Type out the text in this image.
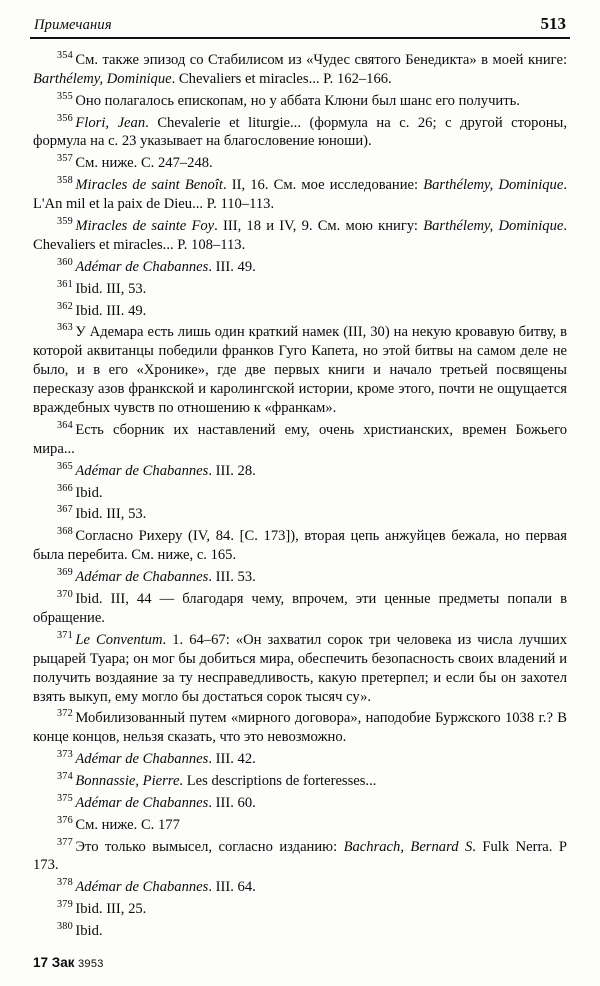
Примечания	513

$^{354}$ См. также эпизод со Стабилисом из «Чудес святого Бенедикта» в моей книге: Barthélemy, Dominique. Chevaliers et miracles... P. 162–166.

$^{355}$ Оно полагалось епископам, но у аббата Клюни был шанс его получить.

$^{356}$ Flori, Jean. Chevalerie et liturgie... (формула на с. 26; с другой стороны, формула на с. 23 указывает на благословение юноши).

$^{357}$ См. ниже. С. 247–248.

$^{358}$ Miracles de saint Benoît. II, 16. См. мое исследование: Barthélemy, Dominique. L'An mil et la paix de Dieu... P. 110–113.

$^{359}$ Miracles de sainte Foy. III, 18 и IV, 9. См. мою книгу: Barthélemy, Dominique. Chevaliers et miracles... P. 108–113.

$^{360}$ Adémar de Chabannes. III. 49.

$^{361}$ Ibid. III, 53.

$^{362}$ Ibid. III. 49.

$^{363}$ У Адемара есть лишь один краткий намек (III, 30) на некую кровавую битву, в которой аквитанцы победили франков Гуго Капета, но этой битвы на самом деле не было, и в его «Хронике», где две первых книги и начало третьей посвящены пересказу азов франкской и каролингской истории, кроме этого, почти не ощущается враждебных чувств по отношению к «франкам».

$^{364}$ Есть сборник их наставлений ему, очень христианских, времен Божьего мира...

$^{365}$ Adémar de Chabannes. III. 28.

$^{366}$ Ibid.

$^{367}$ Ibid. III, 53.

$^{368}$ Согласно Рихеру (IV, 84. [С. 173]), вторая цепь анжуйцев бежала, но первая была перебита. См. ниже, с. 165.

$^{369}$ Adémar de Chabannes. III. 53.

$^{370}$ Ibid. III, 44 — благодаря чему, впрочем, эти ценные предметы попали в обращение.

$^{371}$ Le Conventum. 1. 64–67: «Он захватил сорок три человека из числа лучших рыцарей Туара; он мог бы добиться мира, обеспечить безопасность своих владений и получить воздаяние за ту несправедливость, какую претерпел; и если бы он захотел взять выкуп, ему могло бы достаться сорок тысяч су».

$^{372}$ Мобилизованный путем «мирного договора», наподобие Буржского 1038 г.? В конце концов, нельзя сказать, что это невозможно.

$^{373}$ Adémar de Chabannes. III. 42.

$^{374}$ Bonnassie, Pierre. Les descriptions de forteresses...

$^{375}$ Adémar de Chabannes. III. 60.

$^{376}$ См. ниже. С. 177

$^{377}$ Это только вымысел, согласно изданию: Bachrach, Bernard S. Fulk Nerra. P 173.

$^{378}$ Adémar de Chabannes. III. 64.

$^{379}$ Ibid. III, 25.

$^{380}$ Ibid.

17 Зак 3953
